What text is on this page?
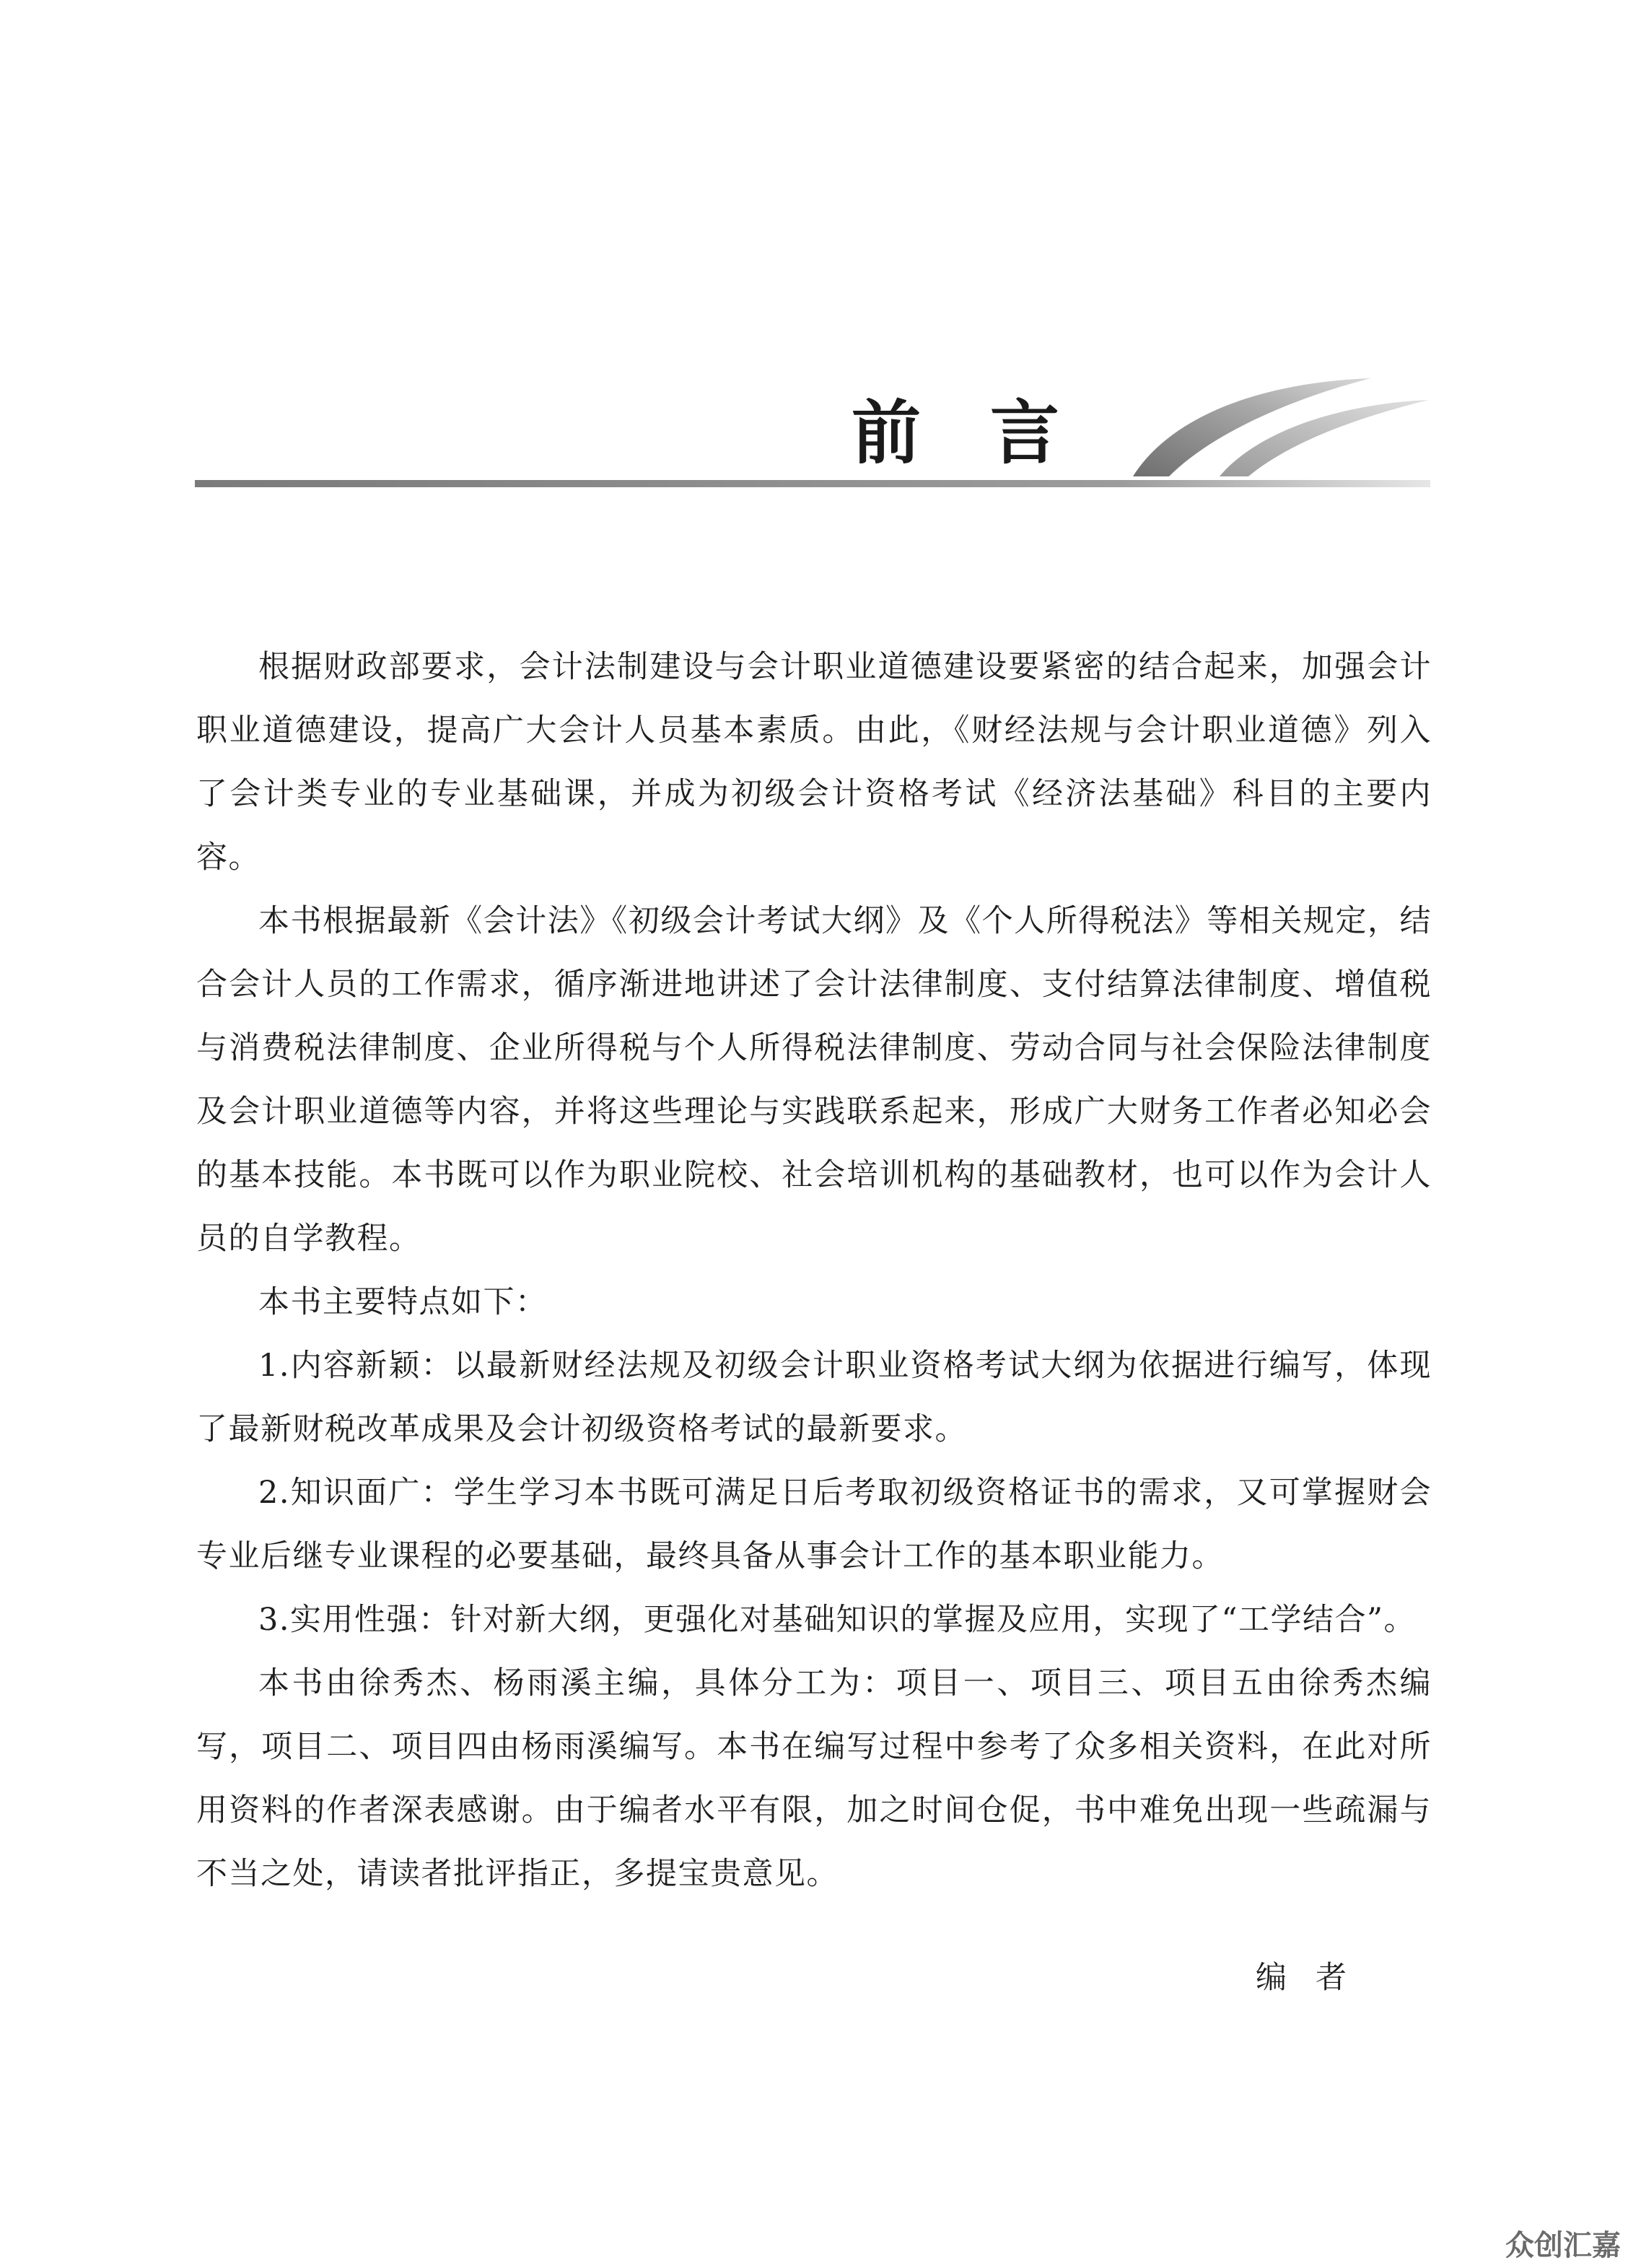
前言

根据财政部要求，会计法制建设与会计职业道德建设要紧密的结合起来，加强会计职业道德建设，提高广大会计人员基本素质。由此，《财经法规与会计职业道德》列入了会计类专业的专业基础课，并成为初级会计资格考试《经济法基础》科目的主要内容。

本书根据最新《会计法》《初级会计考试大纲》及《个人所得税法》等相关规定，结合会计人员的工作需求，循序渐进地讲述了会计法律制度、支付结算法律制度、增值税与消费税法律制度、企业所得税与个人所得税法律制度、劳动合同与社会保险法律制度及会计职业道德等内容，并将这些理论与实践联系起来，形成广大财务工作者必知必会的基本技能。本书既可以作为职业院校、社会培训机构的基础教材，也可以作为会计人员的自学教程。

本书主要特点如下：

1.内容新颖：以最新财经法规及初级会计职业资格考试大纲为依据进行编写，体现了最新财税改革成果及会计初级资格考试的最新要求。

2.知识面广：学生学习本书既可满足日后考取初级资格证书的需求，又可掌握财会专业后继专业课程的必要基础，最终具备从事会计工作的基本职业能力。

3.实用性强：针对新大纲，更强化对基础知识的掌握及应用，实现了“工学结合”。

本书由徐秀杰、杨雨溪主编，具体分工为：项目一、项目三、项目五由徐秀杰编写，项目二、项目四由杨雨溪编写。本书在编写过程中参考了众多相关资料，在此对所用资料的作者深表感谢。由于编者水平有限，加之时间仓促，书中难免出现一些疏漏与不当之处，请读者批评指正，多提宝贵意见。

编者
众创汇嘉
